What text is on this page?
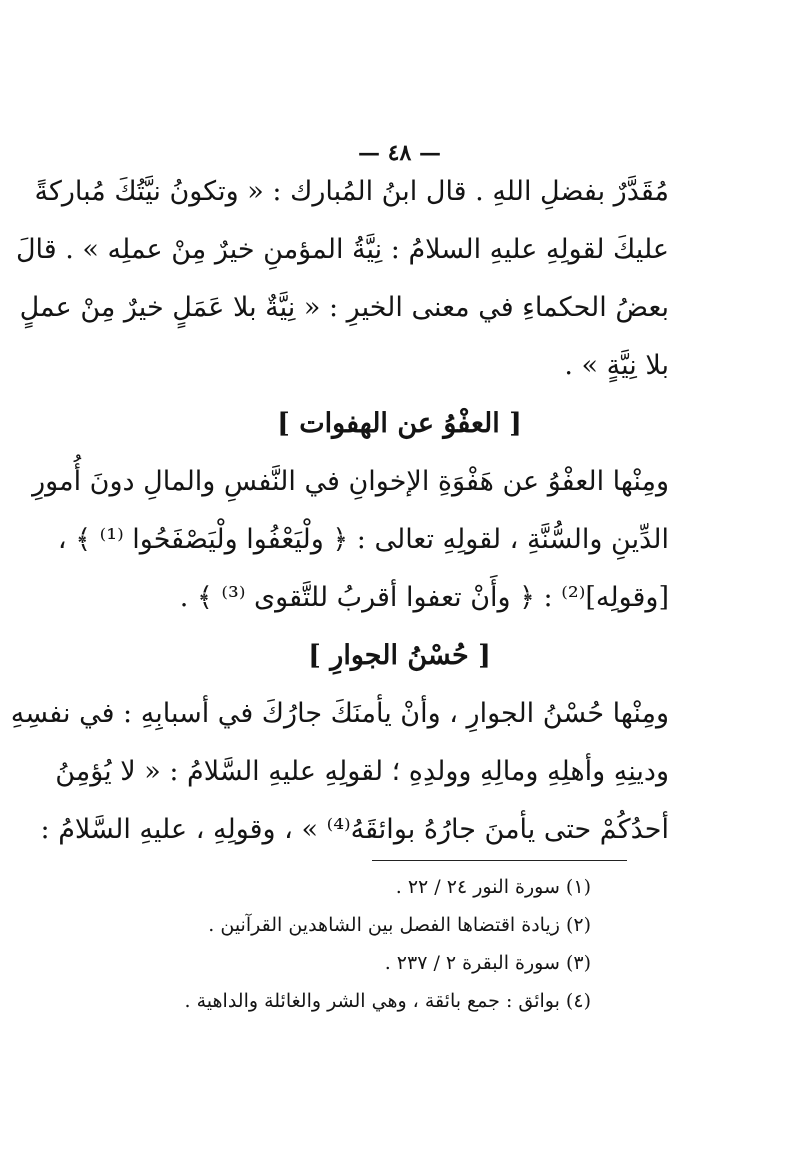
— ٤٨ —
مُقَدَّرٌ بفضلِ اللهِ . قال ابنُ المُبارك : « وتكونُ نيَّتُكَ مُباركةً
عليكَ لقولِهِ عليهِ السلامُ : نِيَّةُ المؤمنِ خيرٌ مِنْ عملِه » . قالَ
بعضُ الحكماءِ في معنى الخيرِ : « نِيَّةٌ بلا عَمَلٍ خيرٌ مِنْ عملٍ
بلا نِيَّةٍ » .
[ العفْوُ عن الهفوات ]
ومِنْها العفْوُ عن هَفْوَةِ الإخوانِ في النَّفسِ والمالِ دونَ أُمورِ
الدِّينِ والسُّنَّةِ ، لقولِهِ تعالى : ﴿ ولْيَعْفُوا ولْيَصْفَحُوا ⁽¹⁾ ﴾ ،
[وقولِه]⁽²⁾ : ﴿ وأَنْ تعفوا أقربُ للتَّقوى ⁽³⁾ ﴾ .
[ حُسْنُ الجوارِ ]
ومِنْها حُسْنُ الجوارِ ، وأنْ يأمنَكَ جارُكَ في أسبابِهِ : في نفسِهِ
ودينِهِ وأهلِهِ ومالِهِ وولدِهِ ؛ لقولِهِ عليهِ السَّلامُ : « لا يُؤمِنُ
أحدُكُمْ حتى يأمنَ جارُهُ بوائقَهُ⁽⁴⁾ » ، وقولِهِ ، عليهِ السَّلامُ :
(١) سورة النور ٢٤ / ٢٢ .
(٢) زيادة اقتضاها الفصل بين الشاهدين القرآنين .
(٣) سورة البقرة ٢ / ٢٣٧ .
(٤) بوائق : جمع بائقة ، وهي الشر والغائلة والداهية .
